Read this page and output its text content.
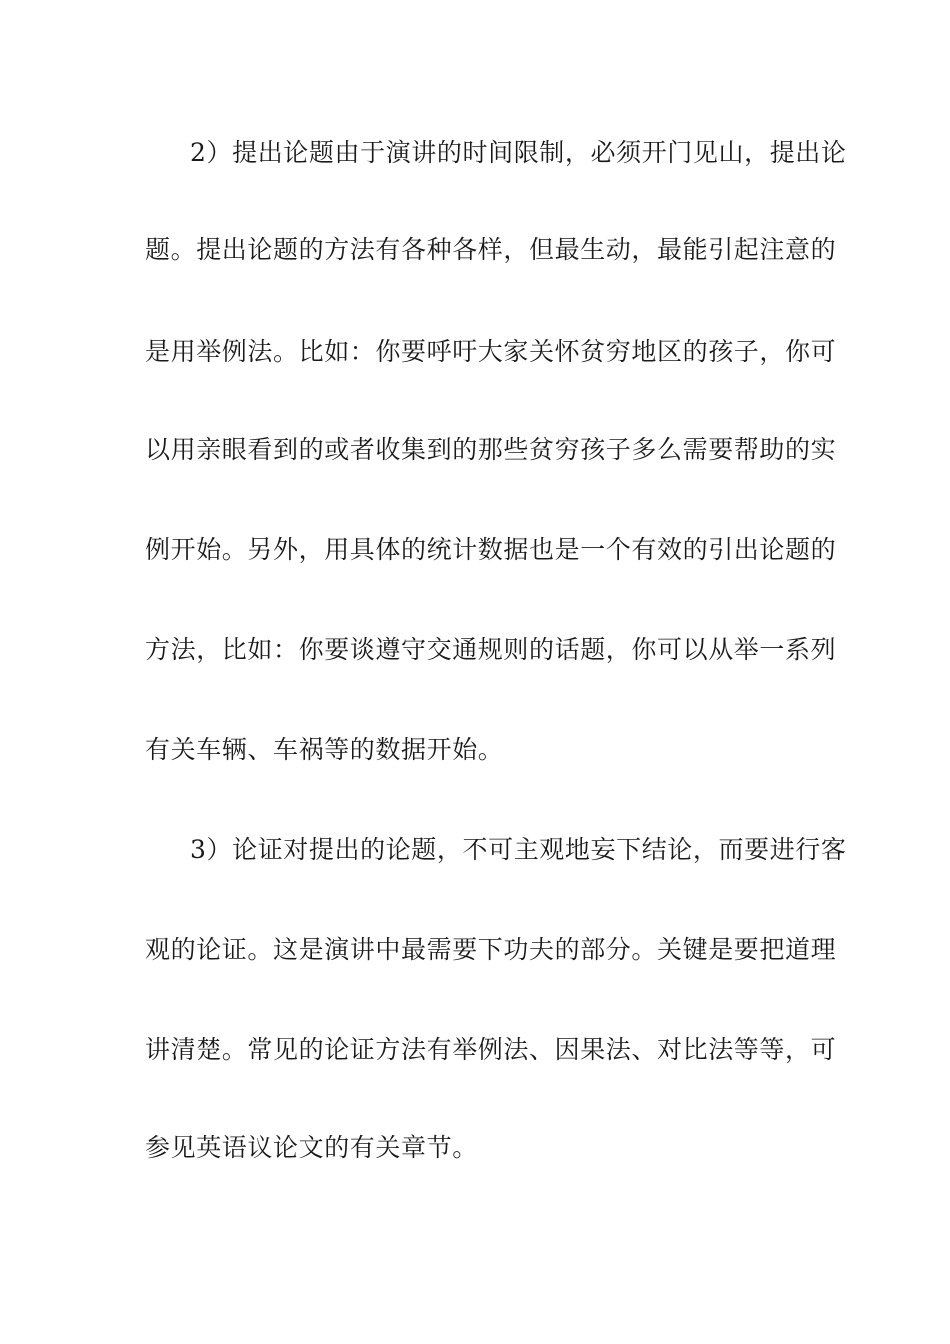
2）提出论题由于演讲的时间限制，必须开门见山，提出论
题。提出论题的方法有各种各样，但最生动，最能引起注意的
是用举例法。比如：你要呼吁大家关怀贫穷地区的孩子，你可
以用亲眼看到的或者收集到的那些贫穷孩子多么需要帮助的实
例开始。另外，用具体的统计数据也是一个有效的引出论题的
方法，比如：你要谈遵守交通规则的话题，你可以从举一系列
有关车辆、车祸等的数据开始。
3）论证对提出的论题，不可主观地妄下结论，而要进行客
观的论证。这是演讲中最需要下功夫的部分。关键是要把道理
讲清楚。常见的论证方法有举例法、因果法、对比法等等，可
参见英语议论文的有关章节。
